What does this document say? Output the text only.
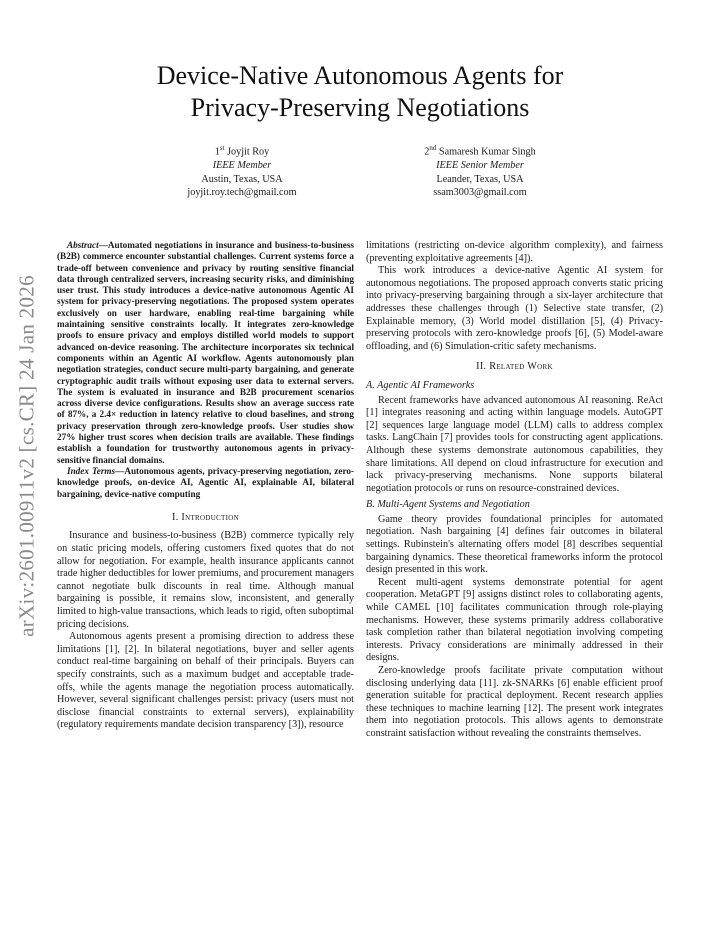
arXiv:2601.00911v2 [cs.CR] 24 Jan 2026
Device-Native Autonomous Agents for
Privacy-Preserving Negotiations
1st Joyjit Roy
IEEE Member
Austin, Texas, USA
joyjit.roy.tech@gmail.com
2nd Samaresh Kumar Singh
IEEE Senior Member
Leander, Texas, USA
ssam3003@gmail.com

Abstract—Automated negotiations in insurance and business-to-business (B2B) commerce encounter substantial challenges. Current systems force a trade-off between convenience and privacy by routing sensitive financial data through centralized servers, increasing security risks, and diminishing user trust. This study introduces a device-native autonomous Agentic AI system for privacy-preserving negotiations. The proposed system operates exclusively on user hardware, enabling real-time bargaining while maintaining sensitive constraints locally. It integrates zero-knowledge proofs to ensure privacy and employs distilled world models to support advanced on-device reasoning. The architecture incorporates six technical components within an Agentic AI workflow. Agents autonomously plan negotiation strategies, conduct secure multi-party bargaining, and generate cryptographic audit trails without exposing user data to external servers. The system is evaluated in insurance and B2B procurement scenarios across diverse device configurations. Results show an average success rate of 87%, a 2.4× reduction in latency relative to cloud baselines, and strong privacy preservation through zero-knowledge proofs. User studies show 27% higher trust scores when decision trails are available. These findings establish a foundation for trustworthy autonomous agents in privacy-sensitive financial domains.

Index Terms—Autonomous agents, privacy-preserving negotiation, zero-knowledge proofs, on-device AI, Agentic AI, explainable AI, bilateral bargaining, device-native computing

I. Introduction

Insurance and business-to-business (B2B) commerce typically rely on static pricing models, offering customers fixed quotes that do not allow for negotiation. For example, health insurance applicants cannot trade higher deductibles for lower premiums, and procurement managers cannot negotiate bulk discounts in real time. Although manual bargaining is possible, it remains slow, inconsistent, and generally limited to high-value transactions, which leads to rigid, often suboptimal pricing decisions.

Autonomous agents present a promising direction to address these limitations [1], [2]. In bilateral negotiations, buyer and seller agents conduct real-time bargaining on behalf of their principals. Buyers can specify constraints, such as a maximum budget and acceptable trade-offs, while the agents manage the negotiation process automatically. However, several significant challenges persist: privacy (users must not disclose financial constraints to external servers), explainability (regulatory requirements mandate decision transparency [3]), resource

limitations (restricting on-device algorithm complexity), and fairness (preventing exploitative agreements [4]).

This work introduces a device-native Agentic AI system for autonomous negotiations. The proposed approach converts static pricing into privacy-preserving bargaining through a six-layer architecture that addresses these challenges through (1) Selective state transfer, (2) Explainable memory, (3) World model distillation [5], (4) Privacy-preserving protocols with zero-knowledge proofs [6], (5) Model-aware offloading, and (6) Simulation-critic safety mechanisms.

II. Related Work
A. Agentic AI Frameworks

Recent frameworks have advanced autonomous AI reasoning. ReAct [1] integrates reasoning and acting within language models. AutoGPT [2] sequences large language model (LLM) calls to address complex tasks. LangChain [7] provides tools for constructing agent applications. Although these systems demonstrate autonomous capabilities, they share limitations. All depend on cloud infrastructure for execution and lack privacy-preserving mechanisms. None supports bilateral negotiation protocols or runs on resource-constrained devices.

B. Multi-Agent Systems and Negotiation

Game theory provides foundational principles for automated negotiation. Nash bargaining [4] defines fair outcomes in bilateral settings. Rubinstein's alternating offers model [8] describes sequential bargaining dynamics. These theoretical frameworks inform the protocol design presented in this work.

Recent multi-agent systems demonstrate potential for agent cooperation. MetaGPT [9] assigns distinct roles to collaborating agents, while CAMEL [10] facilitates communication through role-playing mechanisms. However, these systems primarily address collaborative task completion rather than bilateral negotiation involving competing interests. Privacy considerations are minimally addressed in their designs.

Zero-knowledge proofs facilitate private computation without disclosing underlying data [11]. zk-SNARKs [6] enable efficient proof generation suitable for practical deployment. Recent research applies these techniques to machine learning [12]. The present work integrates them into negotiation protocols. This allows agents to demonstrate constraint satisfaction without revealing the constraints themselves.
